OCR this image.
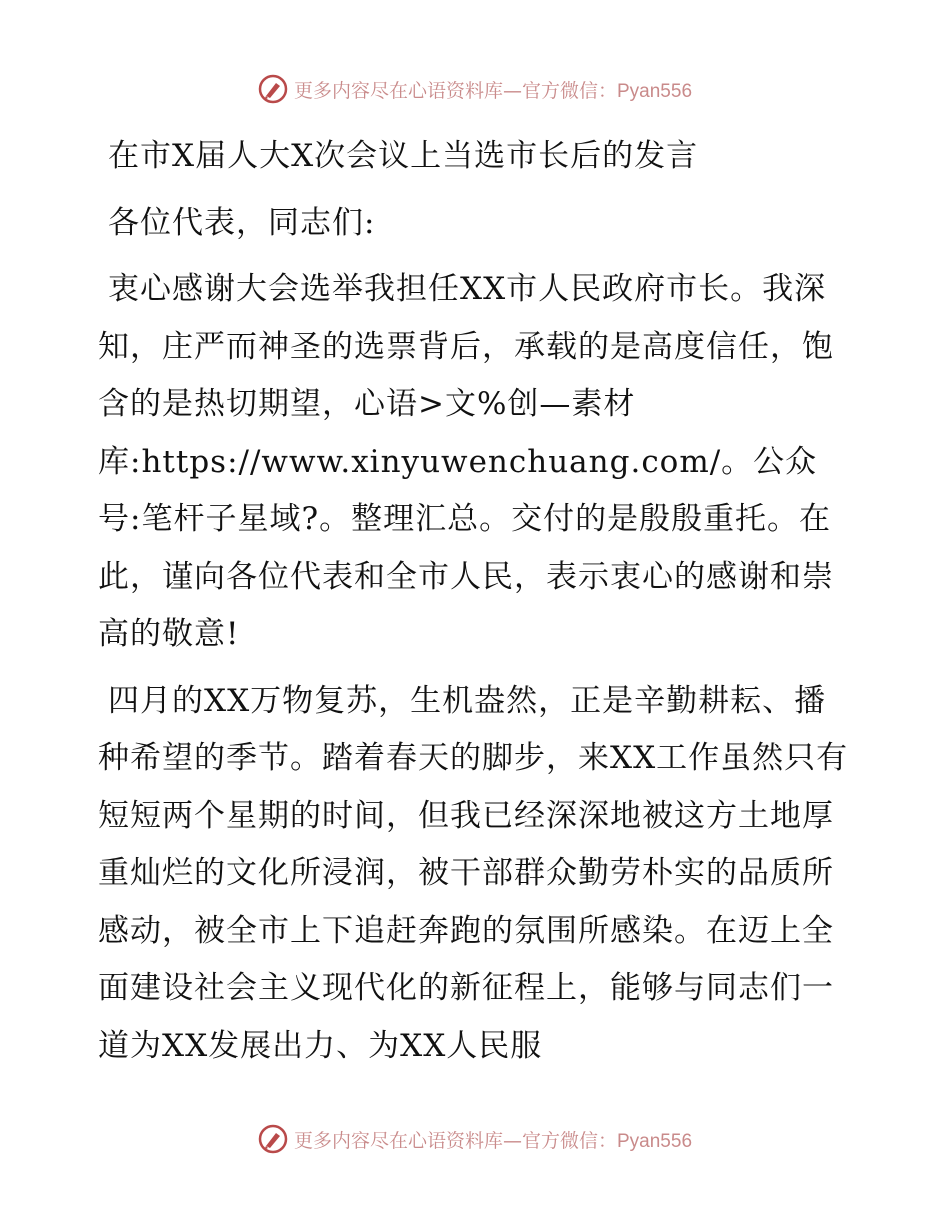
更多内容尽在心语资料库—官方微信：Pyan556

在市X届人大X次会议上当选市长后的发言

各位代表，同志们:

衷心感谢大会选举我担任XX市人民政府市长。我深知，庄严而神圣的选票背后，承载的是高度信任，饱含的是热切期望，心语>文%创—素材库:https://www.xinyuwenchuang.com/。公众号:笔杆子星域?。整理汇总。交付的是殷殷重托。在此，谨向各位代表和全市人民，表示衷心的感谢和崇高的敬意!

四月的XX万物复苏，生机盎然，正是辛勤耕耘、播种希望的季节。踏着春天的脚步，来XX工作虽然只有短短两个星期的时间，但我已经深深地被这方土地厚重灿烂的文化所浸润，被干部群众勤劳朴实的品质所感动，被全市上下追赶奔跑的氛围所感染。在迈上全面建设社会主义现代化的新征程上，能够与同志们一道为XX发展出力、为XX人民服

更多内容尽在心语资料库—官方微信：Pyan556
